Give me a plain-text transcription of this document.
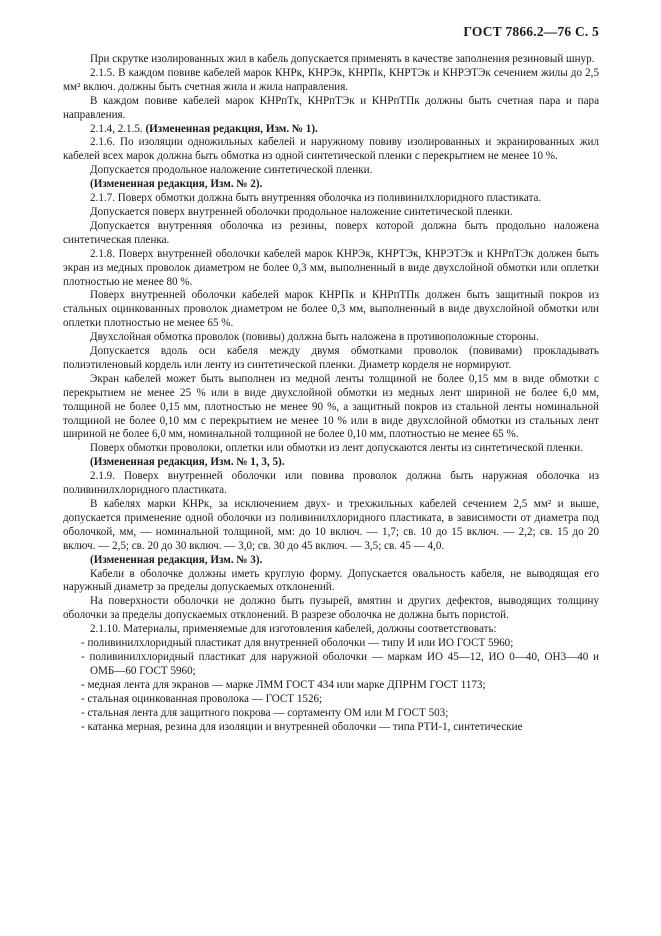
ГОСТ 7866.2—76 С. 5

При скрутке изолированных жил в кабель допускается применять в качестве заполнения резиновый шнур.

2.1.5. В каждом повиве кабелей марок КНРк, КНРЭк, КНРПк, КНРТЭк и КНРЭТЭк сечением жилы до 2,5 мм² включ. должны быть счетная жила и жила направления.

В каждом повиве кабелей марок КНРпТк, КНРпТЭк и КНРпТПк должны быть счетная пара и пара направления.

2.1.4, 2.1.5. (Измененная редакция, Изм. № 1).

2.1.6. По изоляции одножильных кабелей и наружному повиву изолированных и экранированных жил кабелей всех марок должна быть обмотка из одной синтетической пленки с перекрытием не менее 10 %.

Допускается продольное наложение синтетической пленки.

(Измененная редакция, Изм. № 2).

2.1.7. Поверх обмотки должна быть внутренняя оболочка из поливинилхлоридного пластиката.

Допускается поверх внутренней оболочки продольное наложение синтетической пленки.

Допускается внутренняя оболочка из резины, поверх которой должна быть продольно наложена синтетическая пленка.

2.1.8. Поверх внутренней оболочки кабелей марок КНРЭк, КНРТЭк, КНРЭТЭк и КНРпТЭк должен быть экран из медных проволок диаметром не более 0,3 мм, выполненный в виде двухслойной обмотки или оплетки плотностью не менее 80 %.

Поверх внутренней оболочки кабелей марок КНРПк и КНРпТПк должен быть защитный покров из стальных оцинкованных проволок диаметром не более 0,3 мм, выполненный в виде двухслойной обмотки или оплетки плотностью не менее 65 %.

Двухслойная обмотка проволок (повивы) должна быть наложена в противоположные стороны.

Допускается вдоль оси кабеля между двумя обмотками проволок (повивами) прокладывать полиэтиленовый кордель или ленту из синтетической пленки. Диаметр корделя не нормируют.

Экран кабелей может быть выполнен из медной ленты толщиной не более 0,15 мм в виде обмотки с перекрытием не менее 25 % или в виде двухслойной обмотки из медных лент шириной не более 6,0 мм, толщиной не более 0,15 мм, плотностью не менее 90 %, а защитный покров из стальной ленты номинальной толщиной не более 0,10 мм с перекрытием не менее 10 % или в виде двухслойной обмотки из стальных лент шириной не более 6,0 мм, номинальной толщиной не более 0,10 мм, плотностью не менее 65 %.

Поверх обмотки проволоки, оплетки или обмотки из лент допускаются ленты из синтетической пленки.

(Измененная редакция, Изм. № 1, 3, 5).

2.1.9. Поверх внутренней оболочки или повива проволок должна быть наружная оболочка из поливинилхлоридного пластиката.

В кабелях марки КНРк, за исключением двух- и трехжильных кабелей сечением 2,5 мм² и выше, допускается применение одной оболочки из поливинилхлоридного пластиката, в зависимости от диаметра под оболочкой, мм, — номинальной толщиной, мм: до 10 включ. — 1,7; св. 10 до 15 включ. — 2,2; св. 15 до 20 включ. — 2,5; св. 20 до 30 включ. — 3,0; св. 30 до 45 включ. — 3,5; св. 45 — 4,0.

(Измененная редакция, Изм. № 3).

Кабели в оболочке должны иметь круглую форму. Допускается овальность кабеля, не выводящая его наружный диаметр за пределы допускаемых отклонений.

На поверхности оболочки не должно быть пузырей, вмятин и других дефектов, выводящих толщину оболочки за пределы допускаемых отклонений. В разрезе оболочка не должна быть пористой.

2.1.10. Материалы, применяемые для изготовления кабелей, должны соответствовать:

- поливинилхлоридный пластикат для внутренней оболочки — типу И или ИО ГОСТ 5960;

- поливинилхлоридный пластикат для наружной оболочки — маркам ИО 45—12, ИО 0—40, ОН3—40 и ОМБ—60 ГОСТ 5960;

- медная лента для экранов — марке ЛММ ГОСТ 434 или марке ДПРНМ ГОСТ 1173;

- стальная оцинкованная проволока — ГОСТ 1526;

- стальная лента для защитного покрова — сортаменту ОМ или М ГОСТ 503;

- катанка мерная, резина для изоляции и внутренней оболочки — типа РТИ-1, синтетические
